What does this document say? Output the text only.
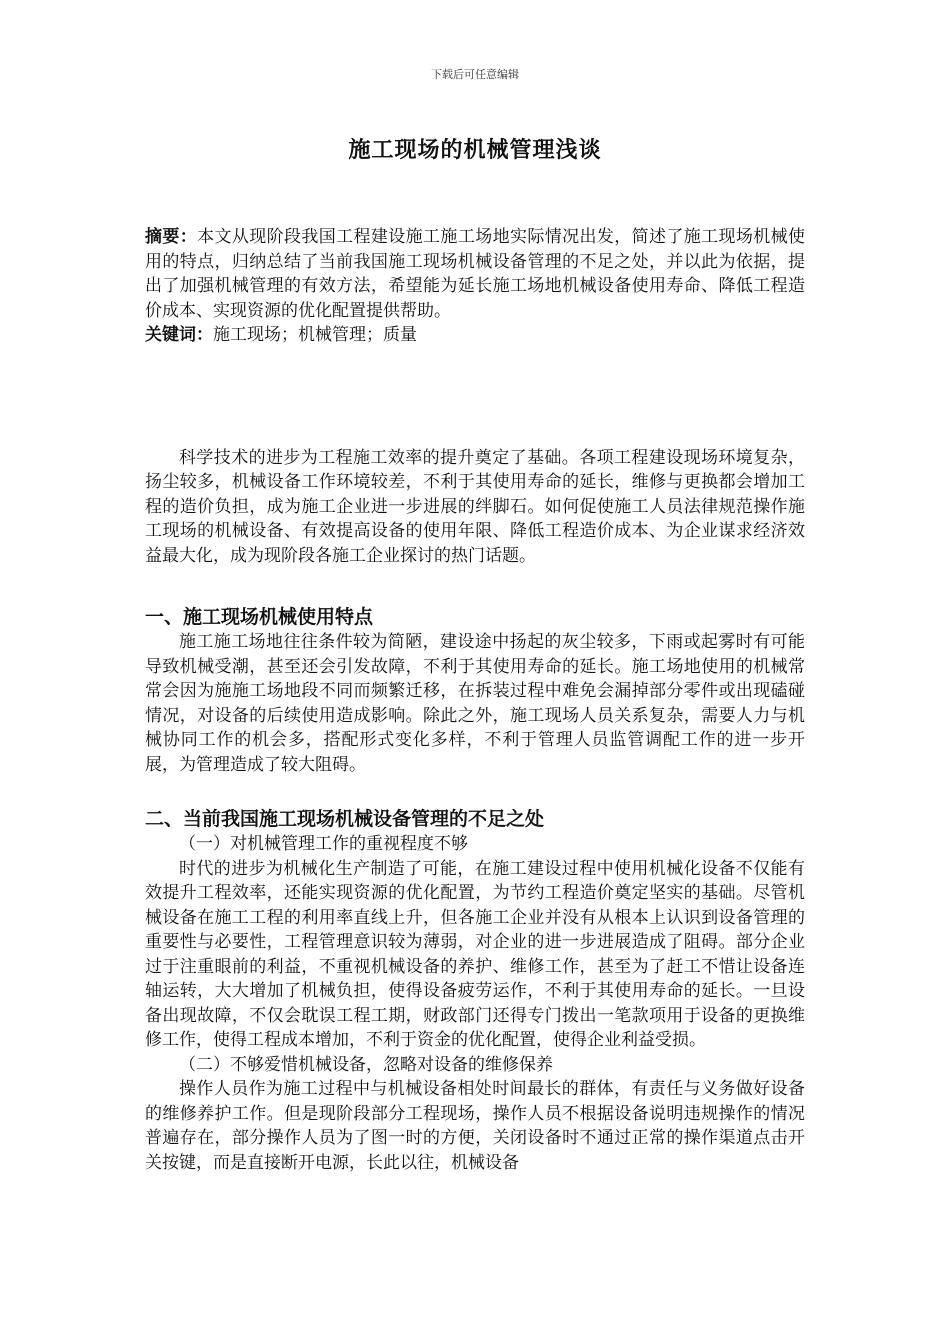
下载后可任意编辑
施工现场的机械管理浅谈

摘要：本文从现阶段我国工程建设施工施工场地实际情况出发，简述了施工现场机械使用的特点，归纳总结了当前我国施工现场机械设备管理的不足之处，并以此为依据，提出了加强机械管理的有效方法，希望能为延长施工场地机械设备使用寿命、降低工程造价成本、实现资源的优化配置提供帮助。

关键词：施工现场；机械管理；质量

科学技术的进步为工程施工效率的提升奠定了基础。各项工程建设现场环境复杂，扬尘较多，机械设备工作环境较差，不利于其使用寿命的延长，维修与更换都会增加工程的造价负担，成为施工企业进一步进展的绊脚石。如何促使施工人员法律规范操作施工现场的机械设备、有效提高设备的使用年限、降低工程造价成本、为企业谋求经济效益最大化，成为现阶段各施工企业探讨的热门话题。

一、施工现场机械使用特点

施工施工场地往往条件较为简陋，建设途中扬起的灰尘较多，下雨或起雾时有可能导致机械受潮，甚至还会引发故障，不利于其使用寿命的延长。施工场地使用的机械常常会因为施施工场地段不同而频繁迁移，在拆装过程中难免会漏掉部分零件或出现磕碰情况，对设备的后续使用造成影响。除此之外，施工现场人员关系复杂，需要人力与机械协同工作的机会多，搭配形式变化多样，不利于管理人员监管调配工作的进一步开展，为管理造成了较大阻碍。

二、当前我国施工现场机械设备管理的不足之处

（一）对机械管理工作的重视程度不够

时代的进步为机械化生产制造了可能，在施工建设过程中使用机械化设备不仅能有效提升工程效率，还能实现资源的优化配置，为节约工程造价奠定坚实的基础。尽管机械设备在施工工程的利用率直线上升，但各施工企业并没有从根本上认识到设备管理的重要性与必要性，工程管理意识较为薄弱，对企业的进一步进展造成了阻碍。部分企业过于注重眼前的利益，不重视机械设备的养护、维修工作，甚至为了赶工不惜让设备连轴运转，大大增加了机械负担，使得设备疲劳运作，不利于其使用寿命的延长。一旦设备出现故障，不仅会耽误工程工期，财政部门还得专门拨出一笔款项用于设备的更换维修工作，使得工程成本增加，不利于资金的优化配置，使得企业利益受损。

（二）不够爱惜机械设备，忽略对设备的维修保养

操作人员作为施工过程中与机械设备相处时间最长的群体，有责任与义务做好设备的维修养护工作。但是现阶段部分工程现场，操作人员不根据设备说明违规操作的情况普遍存在，部分操作人员为了图一时的方便，关闭设备时不通过正常的操作渠道点击开关按键，而是直接断开电源，长此以往，机械设备
